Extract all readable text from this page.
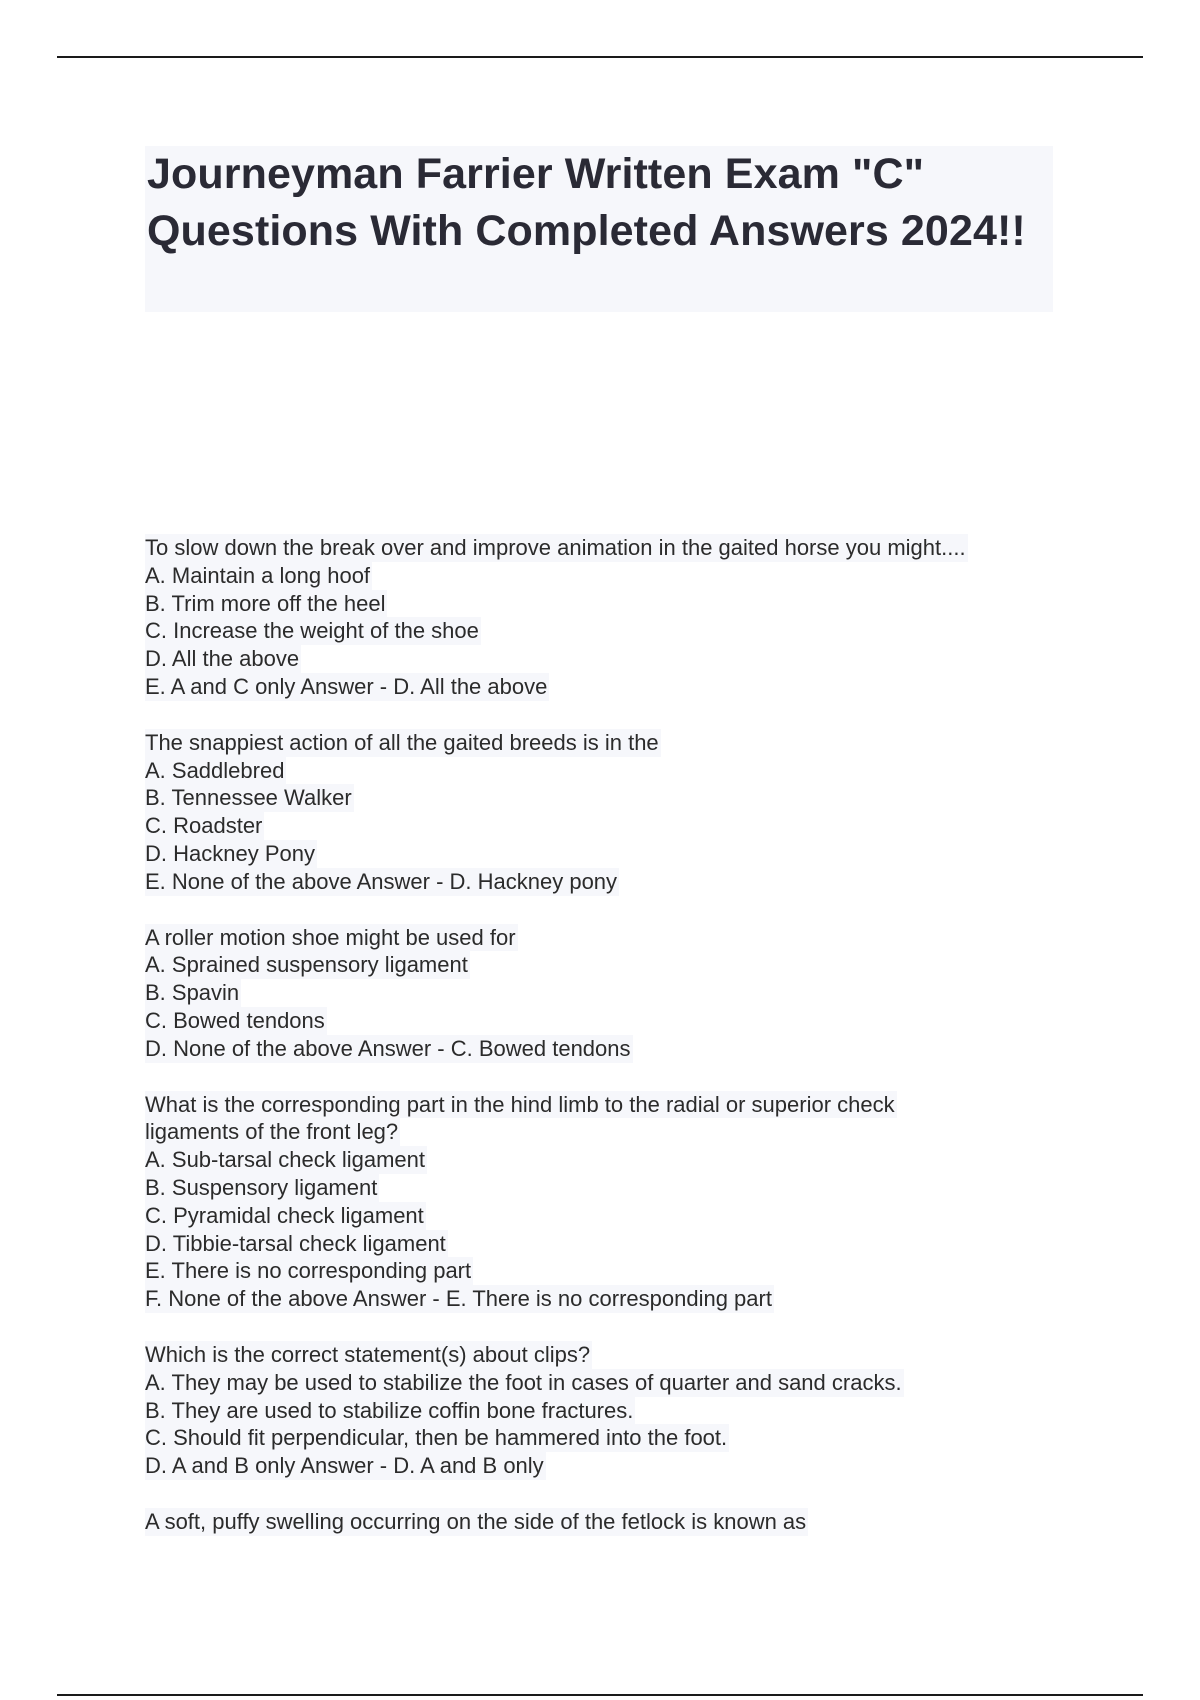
Journeyman Farrier Written Exam "C" Questions With Completed Answers 2024!!
To slow down the break over and improve animation in the gaited horse you might....
A. Maintain a long hoof
B. Trim more off the heel
C. Increase the weight of the shoe
D. All the above
E. A and C only Answer - D. All the above
The snappiest action of all the gaited breeds is in the
A. Saddlebred
B. Tennessee Walker
C. Roadster
D. Hackney Pony
E. None of the above Answer - D. Hackney pony
A roller motion shoe might be used for
A. Sprained suspensory ligament
B. Spavin
C. Bowed tendons
D. None of the above Answer - C. Bowed tendons
What is the corresponding part in the hind limb to the radial or superior check
ligaments of the front leg?
A. Sub-tarsal check ligament
B. Suspensory ligament
C. Pyramidal check ligament
D. Tibbie-tarsal check ligament
E. There is no corresponding part
F. None of the above Answer - E. There is no corresponding part
Which is the correct statement(s) about clips?
A. They may be used to stabilize the foot in cases of quarter and sand cracks.
B. They are used to stabilize coffin bone fractures.
C. Should fit perpendicular, then be hammered into the foot.
D. A and B only Answer - D. A and B only
A soft, puffy swelling occurring on the side of the fetlock is known as
